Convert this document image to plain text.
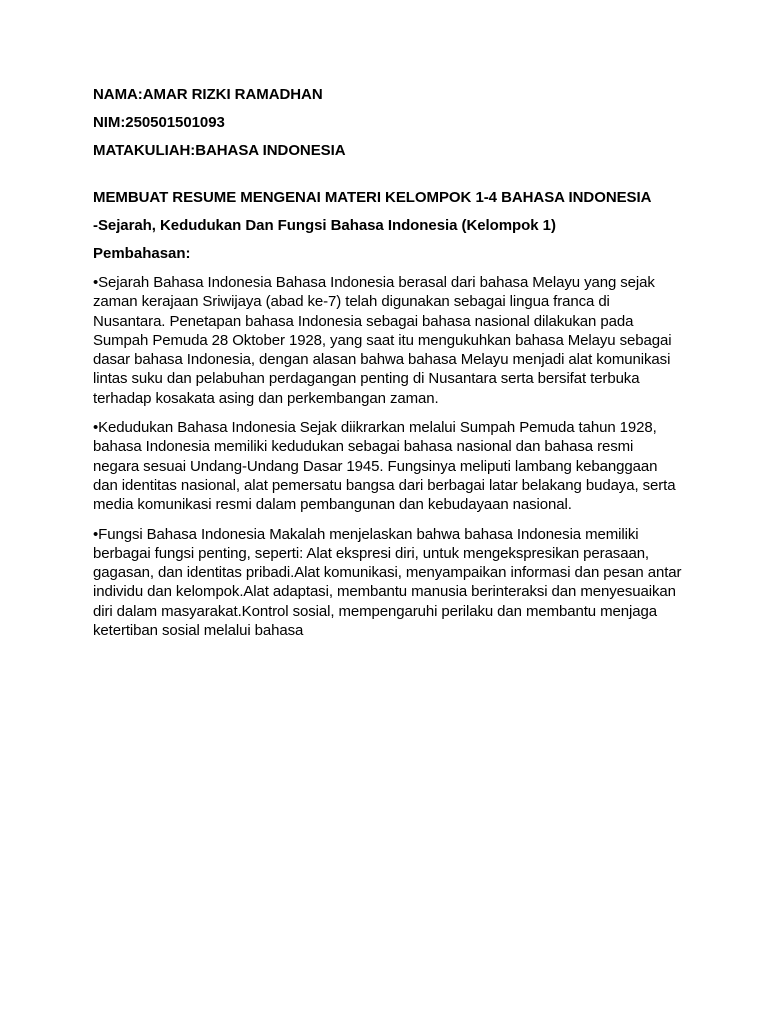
NAMA:AMAR RIZKI RAMADHAN

NIM:250501501093

MATAKULIAH:BAHASA INDONESIA

MEMBUAT RESUME MENGENAI MATERI KELOMPOK 1-4 BAHASA INDONESIA

-Sejarah, Kedudukan Dan Fungsi Bahasa Indonesia (Kelompok 1)

Pembahasan:

•Sejarah Bahasa Indonesia Bahasa Indonesia berasal dari bahasa Melayu yang sejak zaman kerajaan Sriwijaya (abad ke-7) telah digunakan sebagai lingua franca di Nusantara. Penetapan bahasa Indonesia sebagai bahasa nasional dilakukan pada Sumpah Pemuda 28 Oktober 1928, yang saat itu mengukuhkan bahasa Melayu sebagai dasar bahasa Indonesia, dengan alasan bahwa bahasa Melayu menjadi alat komunikasi lintas suku dan pelabuhan perdagangan penting di Nusantara serta bersifat terbuka terhadap kosakata asing dan perkembangan zaman.

•Kedudukan Bahasa Indonesia Sejak diikrarkan melalui Sumpah Pemuda tahun 1928, bahasa Indonesia memiliki kedudukan sebagai bahasa nasional dan bahasa resmi negara sesuai Undang-Undang Dasar 1945. Fungsinya meliputi lambang kebanggaan dan identitas nasional, alat pemersatu bangsa dari berbagai latar belakang budaya, serta media komunikasi resmi dalam pembangunan dan kebudayaan nasional.

•Fungsi Bahasa Indonesia Makalah menjelaskan bahwa bahasa Indonesia memiliki berbagai fungsi penting, seperti: Alat ekspresi diri, untuk mengekspresikan perasaan, gagasan, dan identitas pribadi.Alat komunikasi, menyampaikan informasi dan pesan antar individu dan kelompok.Alat adaptasi, membantu manusia berinteraksi dan menyesuaikan diri dalam masyarakat.Kontrol sosial, mempengaruhi perilaku dan membantu menjaga ketertiban sosial melalui bahasa
